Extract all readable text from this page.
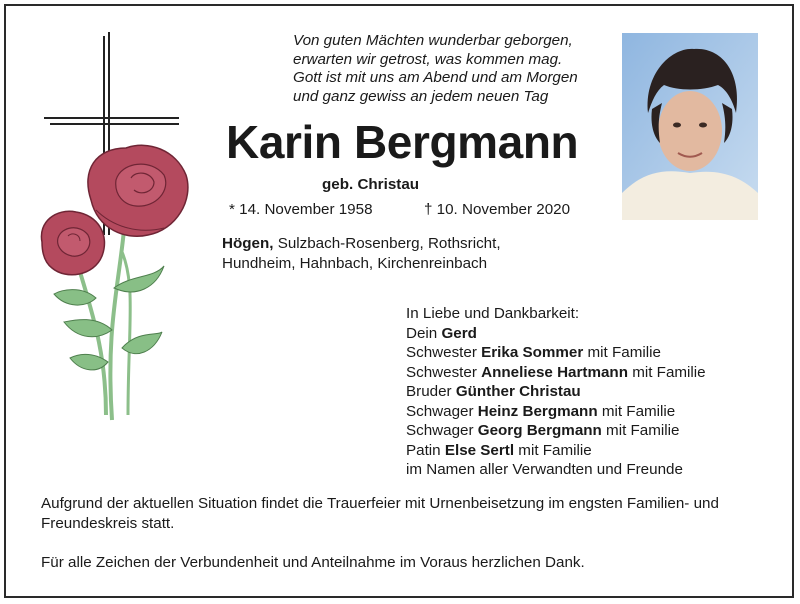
Von guten Mächten wunderbar geborgen,
erwarten wir getrost, was kommen mag.
Gott ist mit uns am Abend und am Morgen
und ganz gewiss an jedem neuen Tag
Karin Bergmann
geb. Christau
* 14. November 1958	† 10. November 2020
Högen, Sulzbach-Rosenberg, Rothsricht,
Hundheim, Hahnbach, Kirchenreinbach
In Liebe und Dankbarkeit:
Dein Gerd
Schwester Erika Sommer mit Familie
Schwester Anneliese Hartmann mit Familie
Bruder Günther Christau
Schwager Heinz Bergmann mit Familie
Schwager Georg Bergmann mit Familie
Patin Else Sertl mit Familie
im Namen aller Verwandten und Freunde
Aufgrund der aktuellen Situation findet die Trauerfeier mit Urnenbeisetzung im engsten Familien- und Freundeskreis statt.
Für alle Zeichen der Verbundenheit und Anteilnahme im Voraus herzlichen Dank.
